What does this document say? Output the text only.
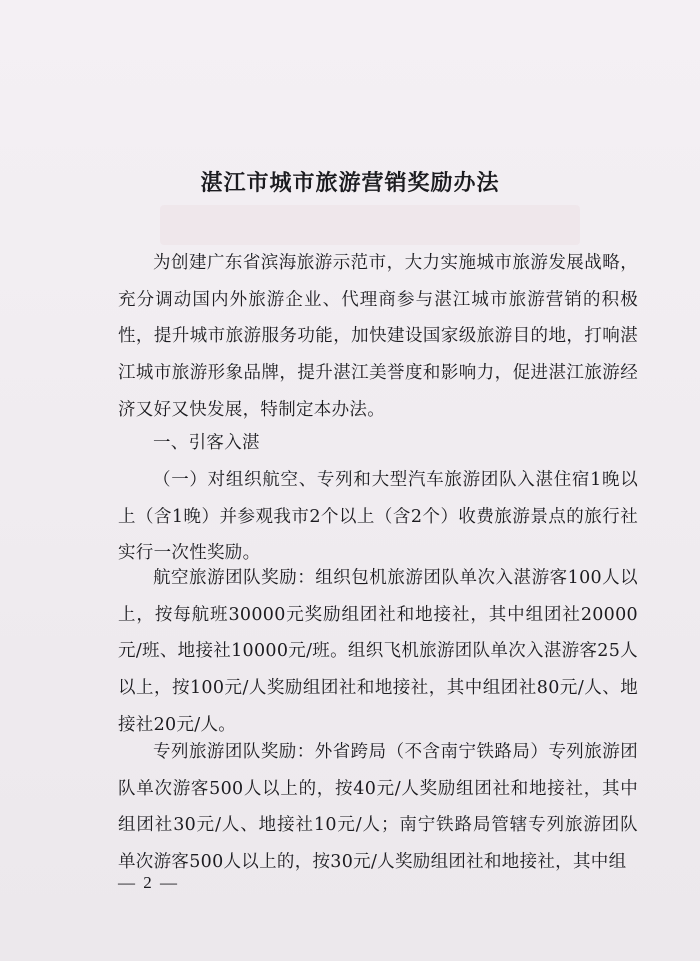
湛江市城市旅游营销奖励办法

为创建广东省滨海旅游示范市，大力实施城市旅游发展战略，充分调动国内外旅游企业、代理商参与湛江城市旅游营销的积极性，提升城市旅游服务功能，加快建设国家级旅游目的地，打响湛江城市旅游形象品牌，提升湛江美誉度和影响力，促进湛江旅游经济又好又快发展，特制定本办法。

一、引客入湛

（一）对组织航空、专列和大型汽车旅游团队入湛住宿1晚以上（含1晚）并参观我市2个以上（含2个）收费旅游景点的旅行社实行一次性奖励。

航空旅游团队奖励：组织包机旅游团队单次入湛游客100人以上，按每航班30000元奖励组团社和地接社，其中组团社20000元/班、地接社10000元/班。组织飞机旅游团队单次入湛游客25人以上，按100元/人奖励组团社和地接社，其中组团社80元/人、地接社20元/人。

专列旅游团队奖励：外省跨局（不含南宁铁路局）专列旅游团队单次游客500人以上的，按40元/人奖励组团社和地接社，其中组团社30元/人、地接社10元/人；南宁铁路局管辖专列旅游团队单次游客500人以上的，按30元/人奖励组团社和地接社，其中组

— 2 —
